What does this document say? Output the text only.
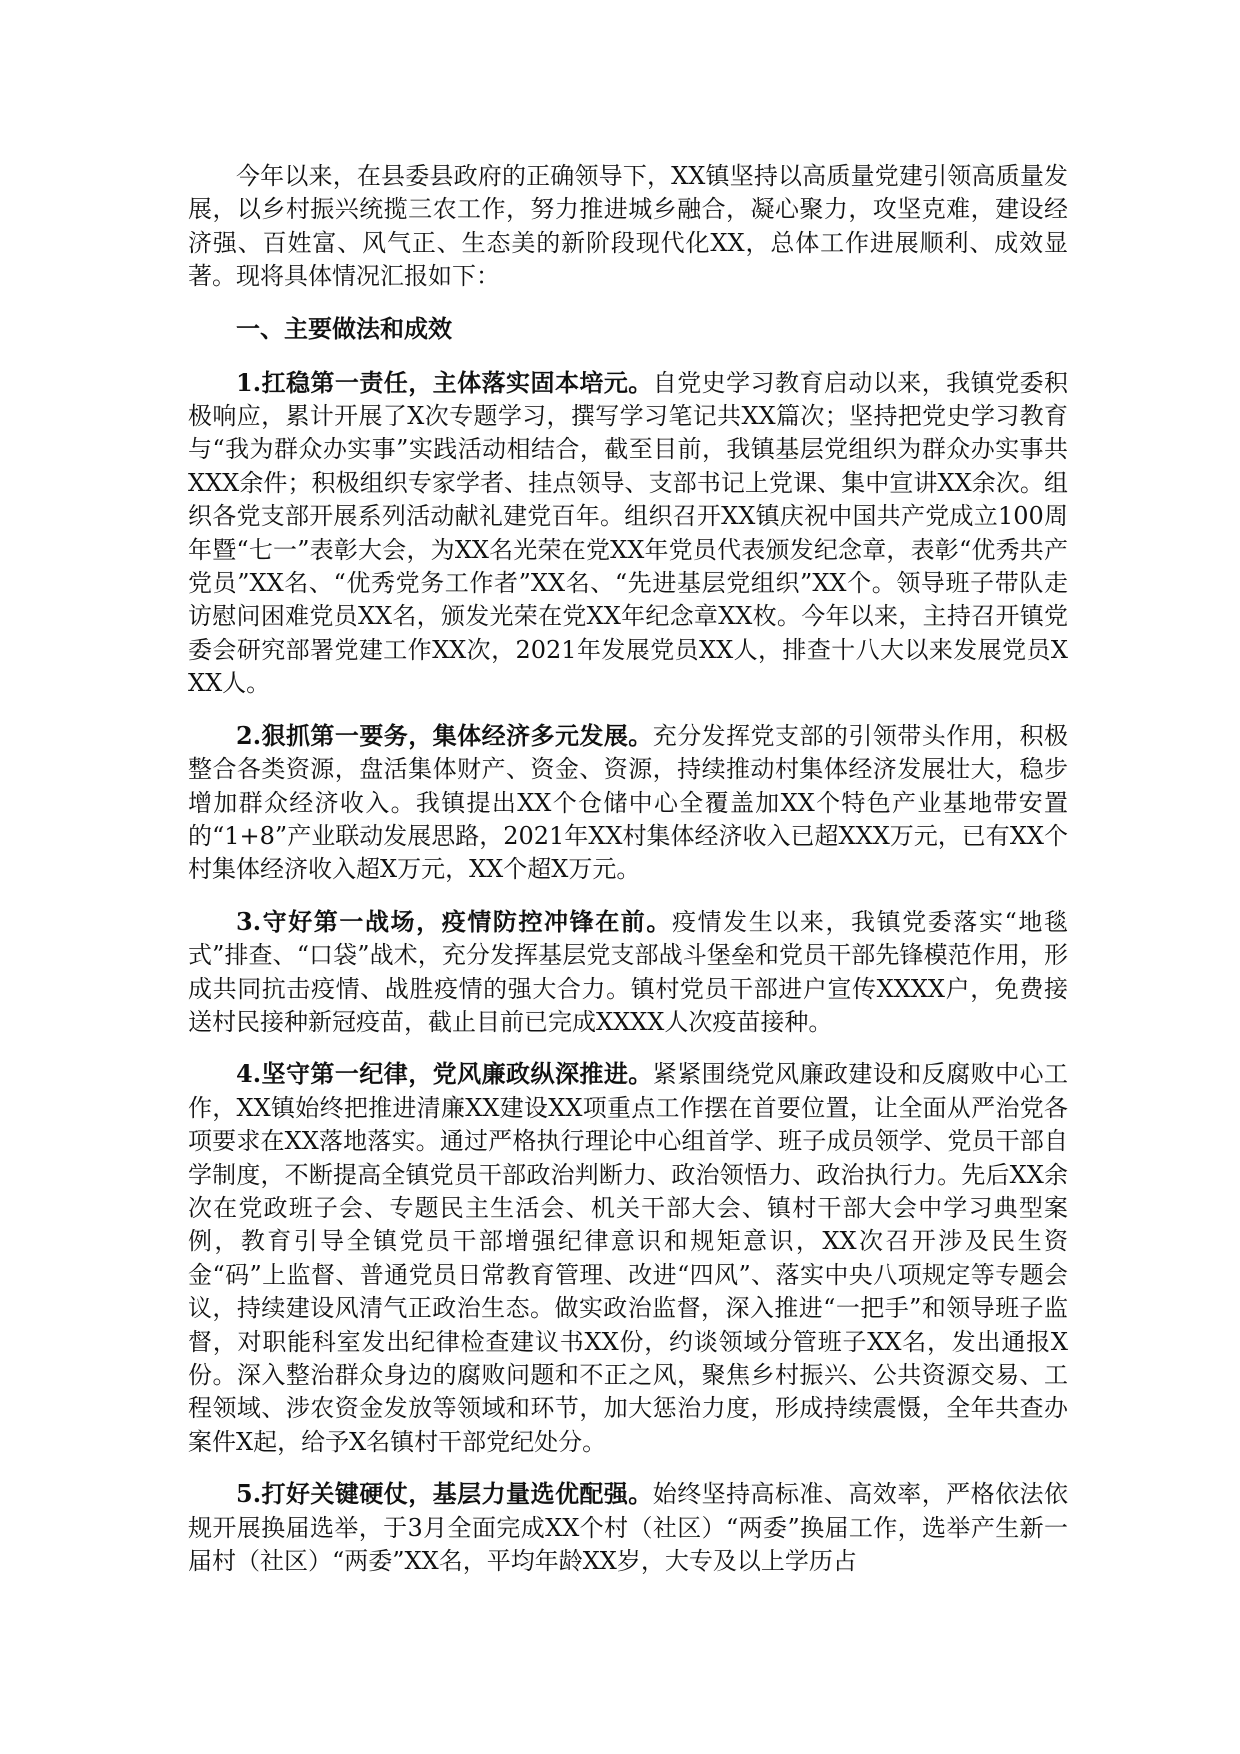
今年以来，在县委县政府的正确领导下，XX镇坚持以高质量党建引领高质量发展，以乡村振兴统揽三农工作，努力推进城乡融合，凝心聚力，攻坚克难，建设经济强、百姓富、风气正、生态美的新阶段现代化XX，总体工作进展顺利、成效显著。现将具体情况汇报如下：

一、主要做法和成效

1.扛稳第一责任，主体落实固本培元。自党史学习教育启动以来，我镇党委积极响应，累计开展了X次专题学习，撰写学习笔记共XX篇次；坚持把党史学习教育与“我为群众办实事”实践活动相结合，截至目前，我镇基层党组织为群众办实事共XXX余件；积极组织专家学者、挂点领导、支部书记上党课、集中宣讲XX余次。组织各党支部开展系列活动献礼建党百年。组织召开XX镇庆祝中国共产党成立100周年暨“七一”表彰大会，为XX名光荣在党XX年党员代表颁发纪念章，表彰“优秀共产党员”XX名、“优秀党务工作者”XX名、“先进基层党组织”XX个。领导班子带队走访慰问困难党员XX名，颁发光荣在党XX年纪念章XX枚。今年以来，主持召开镇党委会研究部署党建工作XX次，2021年发展党员XX人，排查十八大以来发展党员XXX人。

2.狠抓第一要务，集体经济多元发展。充分发挥党支部的引领带头作用，积极整合各类资源，盘活集体财产、资金、资源，持续推动村集体经济发展壮大，稳步增加群众经济收入。我镇提出XX个仓储中心全覆盖加XX个特色产业基地带安置的“1+8”产业联动发展思路，2021年XX村集体经济收入已超XXX万元，已有XX个村集体经济收入超X万元，XX个超X万元。

3.守好第一战场，疫情防控冲锋在前。疫情发生以来，我镇党委落实“地毯式”排查、“口袋”战术，充分发挥基层党支部战斗堡垒和党员干部先锋模范作用，形成共同抗击疫情、战胜疫情的强大合力。镇村党员干部进户宣传XXXX户，免费接送村民接种新冠疫苗，截止目前已完成XXXX人次疫苗接种。

4.坚守第一纪律，党风廉政纵深推进。紧紧围绕党风廉政建设和反腐败中心工作，XX镇始终把推进清廉XX建设XX项重点工作摆在首要位置，让全面从严治党各项要求在XX落地落实。通过严格执行理论中心组首学、班子成员领学、党员干部自学制度，不断提高全镇党员干部政治判断力、政治领悟力、政治执行力。先后XX余次在党政班子会、专题民主生活会、机关干部大会、镇村干部大会中学习典型案例，教育引导全镇党员干部增强纪律意识和规矩意识，XX次召开涉及民生资金“码”上监督、普通党员日常教育管理、改进“四风”、落实中央八项规定等专题会议，持续建设风清气正政治生态。做实政治监督，深入推进“一把手”和领导班子监督，对职能科室发出纪律检查建议书XX份，约谈领域分管班子XX名，发出通报X份。深入整治群众身边的腐败问题和不正之风，聚焦乡村振兴、公共资源交易、工程领域、涉农资金发放等领域和环节，加大惩治力度，形成持续震慑，全年共查办案件X起，给予X名镇村干部党纪处分。

5.打好关键硬仗，基层力量选优配强。始终坚持高标准、高效率，严格依法依规开展换届选举，于3月全面完成XX个村（社区）“两委”换届工作，选举产生新一届村（社区）“两委”XX名，平均年龄XX岁，大专及以上学历占
